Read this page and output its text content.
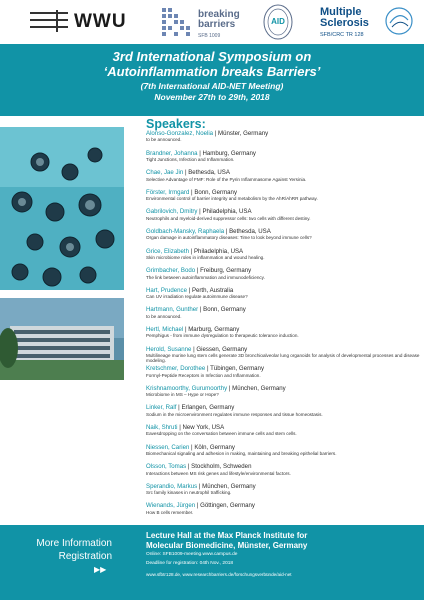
WWU	breaking
barriers
SFB 1009
AID
Multiple
Sclerosis
SFB/CRC TR 128
3rd International Symposium on
‘Autoinflammation breaks Barriers’
(7th International AID-NET Meeting)
November 27th to 29th, 2018
Speakers:
Alonso-Gonzalez, Noelia | Münster, Germany
to be announced.
Brandner, Johanna | Hamburg, Germany
Tight Junctions, Infection and Inflammation.
Chae, Jae Jin | Bethesda, USA
Selective Advantage of FMF: Role of the Pyrin Inflammasome Against Yersinia.
Förster, Irmgard | Bonn, Germany
Environmental control of barrier integrity and metabolism by the AhR/AhRR pathway.
Gabrilovich, Dmitry | Philadelphia, USA
Neutrophils and myeloid-derived suppressor cells: two cells with different destiny.
Goldbach-Mansky, Raphaela | Bethesda, USA
Organ damage in autoinflammatory diseases: Time to look beyond immune cells?
Grice, Elizabeth | Philadelphia, USA
Skin microbiome roles in inflammation and wound healing.
Grimbacher, Bodo | Freiburg, Germany
The link between autoinflammation and immunodeficiency.
Hart, Prudence | Perth, Australia
Can UV irradiation regulate autoimmune disease?
Hartmann, Gunther | Bonn, Germany
to be announced.
Hertl, Michael | Marburg, Germany
Pemphigus - from immune dysregulation to therapeutic tolerance induction.
Herold, Susanne | Giessen, Germany
Multilineage murine lung stem cells generate 3D bronchioalveolar lung organoids for analysis of developmental processes and disease modeling.
Kretschmer, Dorothee | Tübingen, Germany
Formyl-Peptide Receptors in Infection and Inflammation.
Krishnamoorthy, Gurumoorthy | München, Germany
Microbiome in MS – Hype or Hope?
Linker, Ralf | Erlangen, Germany
Sodium in the microenvironment regulates immune responses and tissue homeostasis.
Naik, Shruti | New York, USA
Eavesdropping on the conversation between immune cells and stem cells.
Niessen, Carien | Köln, Germany
Biomechanical signaling and adhesion in making, maintaining and breaking epithelial barriers.
Olsson, Tomas | Stockholm, Schweden
Interactions between MS risk genes and lifestyle/environmental factors.
Sperandio, Markus | München, Germany
Src family kinases in neutrophil trafficking.
Wienands, Jürgen | Göttingen, Germany
How B cells remember.
More Information
Registration
▶▶
Lecture Hall at the Max Planck Institute for
Molecular Biomedicine, Münster, Germany
Online: SFB1009-meeting.www.campus.de
Deadline for registration: 04th Nov., 2018
www.sfbtr128.de, www.researchbarriers.de/forschungsverbünde/aid-net
